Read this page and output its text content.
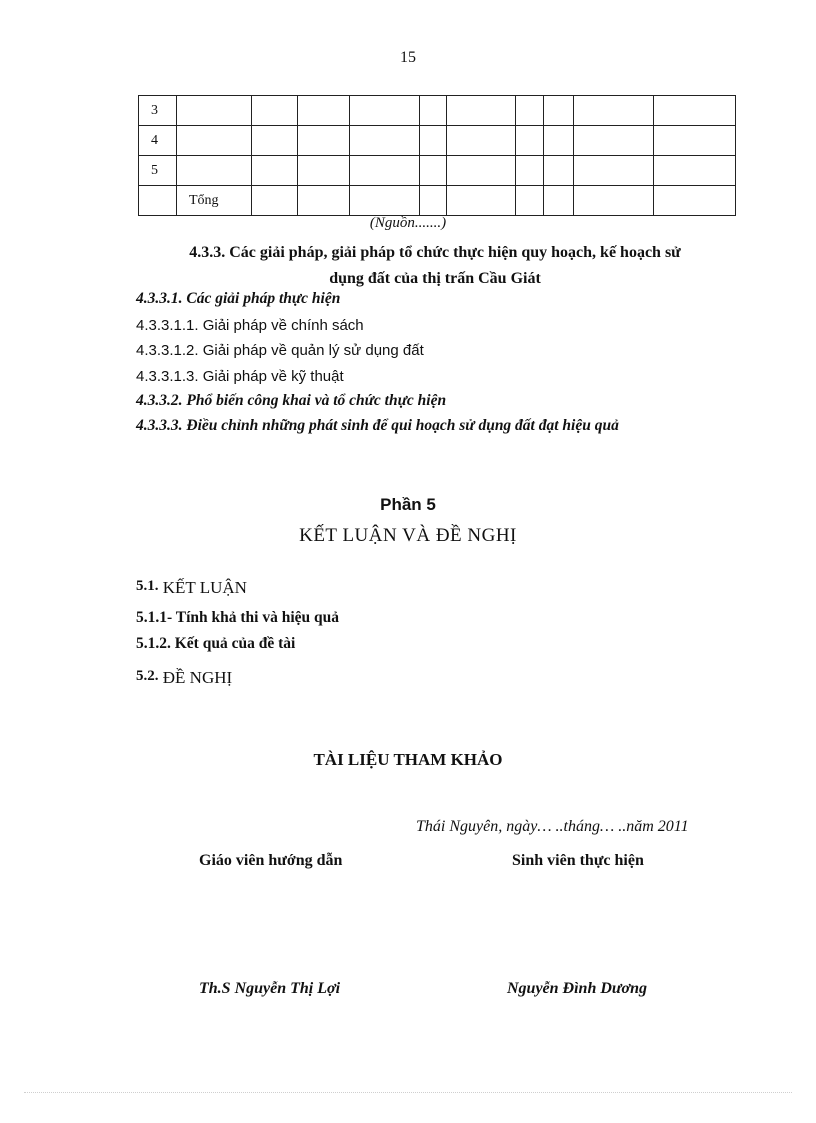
15
3										
4										
5										
	Tổng									
(Nguồn.......)
4.3.3. Các giải pháp, giải pháp tổ chức thực hiện quy hoạch, kế hoạch sử
dụng đất của thị trấn Cầu Giát
4.3.3.1. Các giải pháp thực hiện
4.3.3.1.1. Giải pháp về chính sách
4.3.3.1.2. Giải pháp về quản lý sử dụng đất
4.3.3.1.3. Giải pháp về kỹ thuật
4.3.3.2. Phổ biến công khai và tổ chức thực hiện
4.3.3.3. Điều chỉnh những phát sinh để qui hoạch sử dụng đất đạt hiệu quả
Phần 5
KẾT LUẬN VÀ ĐỀ NGHỊ
5.1. KẾT LUẬN
5.1.1- Tính khả thi và hiệu quả
5.1.2. Kết quả của đề tài
5.2. ĐỀ NGHỊ
TÀI LIỆU THAM KHẢO
Thái Nguyên, ngày… ..tháng… ..năm 2011
Giáo viên hướng dẫn	Sinh viên thực hiện
Th.S Nguyễn Thị Lợi	Nguyễn Đình Dương
